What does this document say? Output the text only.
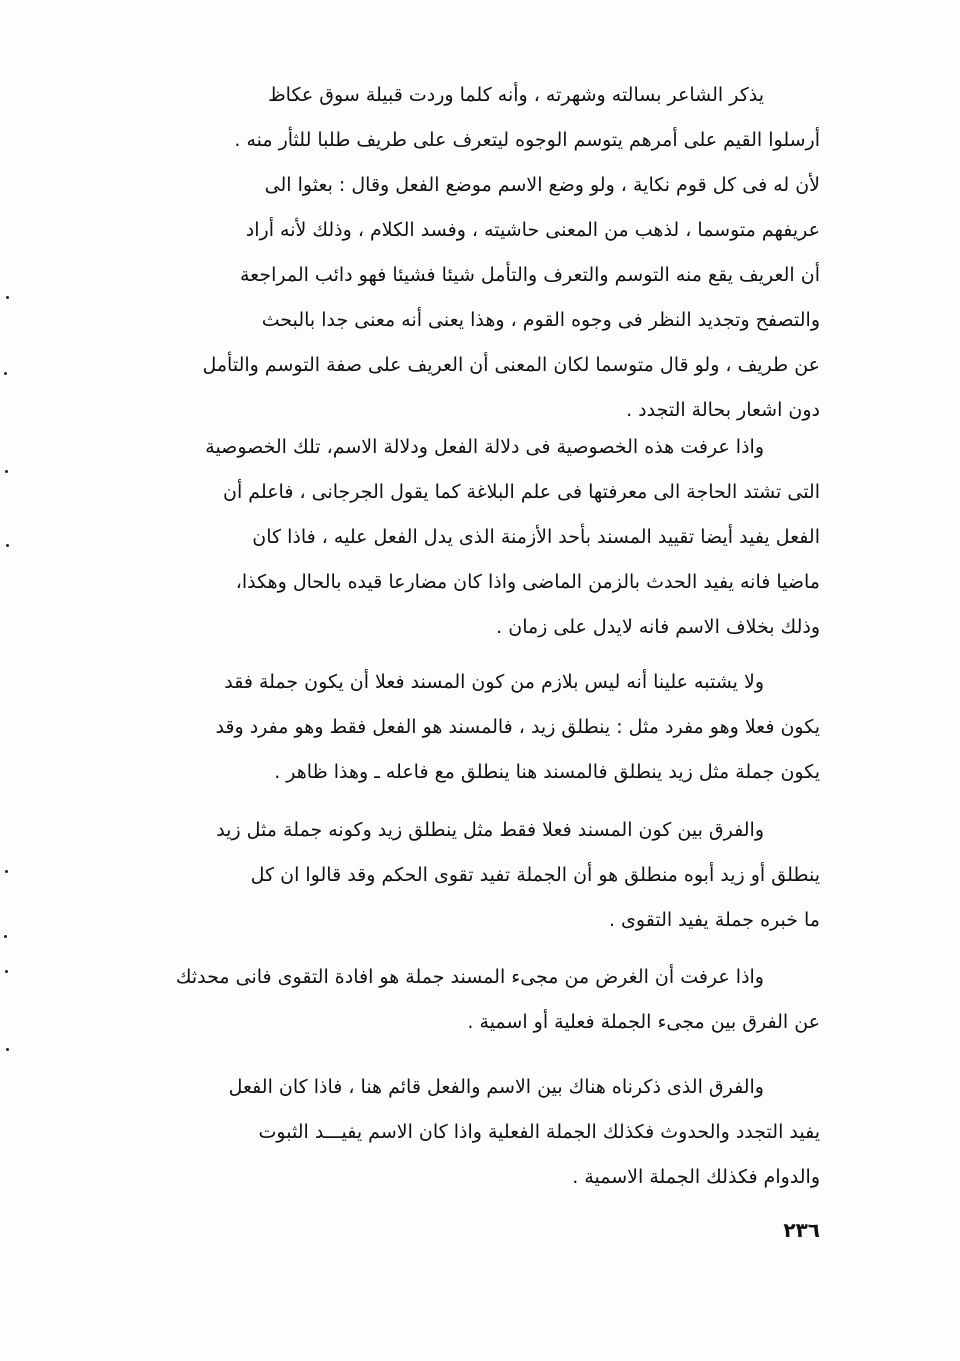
يذكر الشاعر بسالته وشهرته ، وأنه كلما وردت قبيلة سوق عكاظ
أرسلوا القيم على أمرهم يتوسم الوجوه ليتعرف على طريف طلبا للثأر منه .
لأن له فى كل قوم نكاية ، ولو وضع الاسم موضع الفعل وقال : بعثوا الى
عريفهم متوسما ، لذهب من المعنى حاشيته ، وفسد الكلام ، وذلك لأنه أراد
أن العريف يقع منه التوسم والتعرف والتأمل شيئا فشيئا فهو دائب المراجعة
والتصفح وتجديد النظر فى وجوه القوم ، وهذا يعنى أنه معنى جدا بالبحث
عن طريف ، ولو قال متوسما لكان المعنى أن العريف على صفة التوسم والتأمل
دون اشعار بحالة التجدد .
واذا عرفت هذه الخصوصية فى دلالة الفعل ودلالة الاسم، تلك الخصوصية
التى تشتد الحاجة الى معرفتها فى علم البلاغة كما يقول الجرجانى ، فاعلم أن
الفعل يفيد أيضا تقييد المسند بأحد الأزمنة الذى يدل الفعل عليه ، فاذا كان
ماضيا فانه يفيد الحدث بالزمن الماضى واذا كان مضارعا قيده بالحال وهكذا،
وذلك بخلاف الاسم فانه لايدل على زمان .
ولا يشتبه علينا أنه ليس بلازم من كون المسند فعلا أن يكون جملة فقد
يكون فعلا وهو مفرد مثل : ينطلق زيد ، فالمسند هو الفعل فقط وهو مفرد وقد
يكون جملة مثل زيد ينطلق فالمسند هنا ينطلق مع فاعله ـ وهذا ظاهر .
والفرق بين كون المسند فعلا فقط مثل ينطلق زيد وكونه جملة مثل زيد
ينطلق أو زيد أبوه منطلق هو أن الجملة تفيد تقوى الحكم وقد قالوا ان كل
ما خبره جملة يفيد التقوى .
واذا عرفت أن الغرض من مجىء المسند جملة هو افادة التقوى فانى محدثك
عن الفرق بين مجىء الجملة فعلية أو اسمية .
والفرق الذى ذكرناه هناك بين الاسم والفعل قائم هنا ، فاذا كان الفعل
يفيد التجدد والحدوث فكذلك الجملة الفعلية واذا كان الاسم يفيـــد الثبوت
والدوام فكذلك الجملة الاسمية .
٢٣٦
